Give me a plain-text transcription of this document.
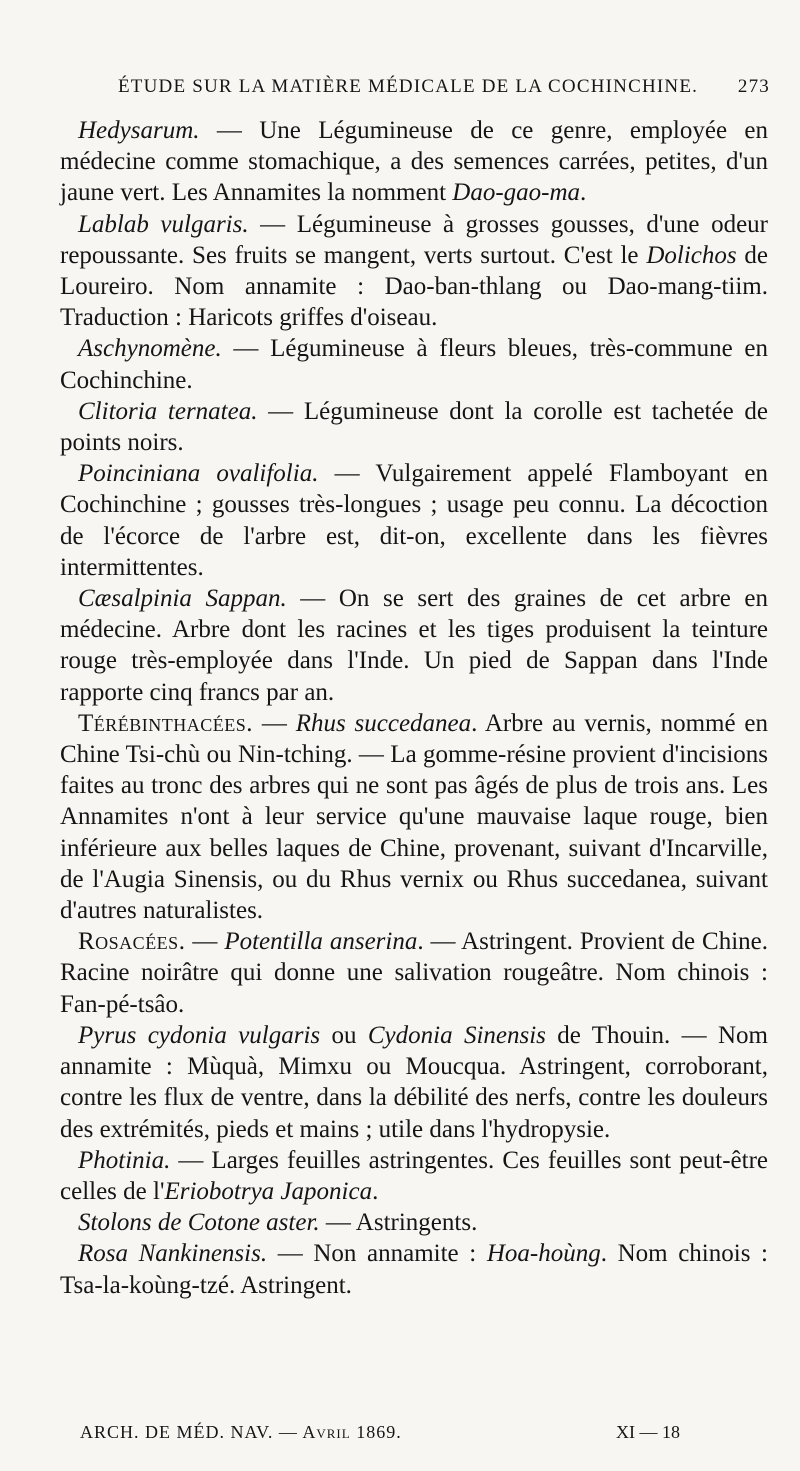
ÉTUDE SUR LA MATIÈRE MÉDICALE DE LA COCHINCHINE. 273

Hedysarum. — Une Légumineuse de ce genre, employée en médecine comme stomachique, a des semences carrées, petites, d'un jaune vert. Les Annamites la nomment Dao-gao-ma.

Lablab vulgaris. — Légumineuse à grosses gousses, d'une odeur repoussante. Ses fruits se mangent, verts surtout. C'est le Dolichos de Loureiro. Nom annamite : Dao-ban-thlang ou Dao-mang-tiim. Traduction : Haricots griffes d'oiseau.

Aschynomène. — Légumineuse à fleurs bleues, très-commune en Cochinchine.

Clitoria ternatea. — Légumineuse dont la corolle est tachetée de points noirs.

Poinciniana ovalifolia. — Vulgairement appelé Flamboyant en Cochinchine ; gousses très-longues ; usage peu connu. La décoction de l'écorce de l'arbre est, dit-on, excellente dans les fièvres intermittentes.

Cæsalpinia Sappan. — On se sert des graines de cet arbre en médecine. Arbre dont les racines et les tiges produisent la teinture rouge très-employée dans l'Inde. Un pied de Sappan dans l'Inde rapporte cinq francs par an.

Térébinthacées. — Rhus succedanea. Arbre au vernis, nommé en Chine Tsi-chù ou Nin-tching. — La gomme-résine provient d'incisions faites au tronc des arbres qui ne sont pas âgés de plus de trois ans. Les Annamites n'ont à leur service qu'une mauvaise laque rouge, bien inférieure aux belles laques de Chine, provenant, suivant d'Incarville, de l'Augia Sinensis, ou du Rhus vernix ou Rhus succedanea, suivant d'autres naturalistes.

Rosacées. — Potentilla anserina. — Astringent. Provient de Chine. Racine noirâtre qui donne une salivation rougeâtre. Nom chinois : Fan-pé-tsâo.

Pyrus cydonia vulgaris ou Cydonia Sinensis de Thouin. — Nom annamite : Mùquà, Mimxu ou Moucqua. Astringent, corroborant, contre les flux de ventre, dans la débilité des nerfs, contre les douleurs des extrémités, pieds et mains ; utile dans l'hydropysie.

Photinia. — Larges feuilles astringentes. Ces feuilles sont peut-être celles de l'Eriobotrya Japonica.

Stolons de Cotone aster. — Astringents.

Rosa Nankinensis. — Non annamite : Hoa-hoùng. Nom chinois : Tsa-la-koùng-tzé. Astringent.

ARCH. DE MÉD. NAV. — Avril 1869.	XI — 18
